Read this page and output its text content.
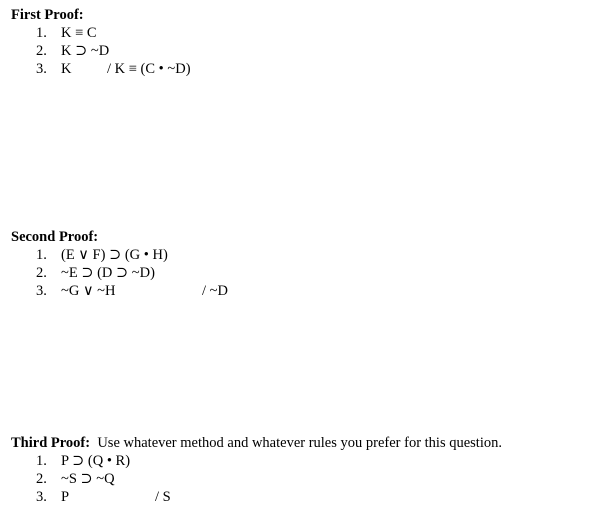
First Proof:
1. K ≡ C
2. K ⊃ ~D
3. K / K ≡ (C • ~D)
Second Proof:
1. (E ∨ F) ⊃ (G • H)
2. ~E ⊃ (D ⊃ ~D)
3. ~G ∨ ~H	/ ~D
Third Proof: Use whatever method and whatever rules you prefer for this question.
1. P ⊃ (Q • R)
2. ~S ⊃ ~Q
3. P	/ S
